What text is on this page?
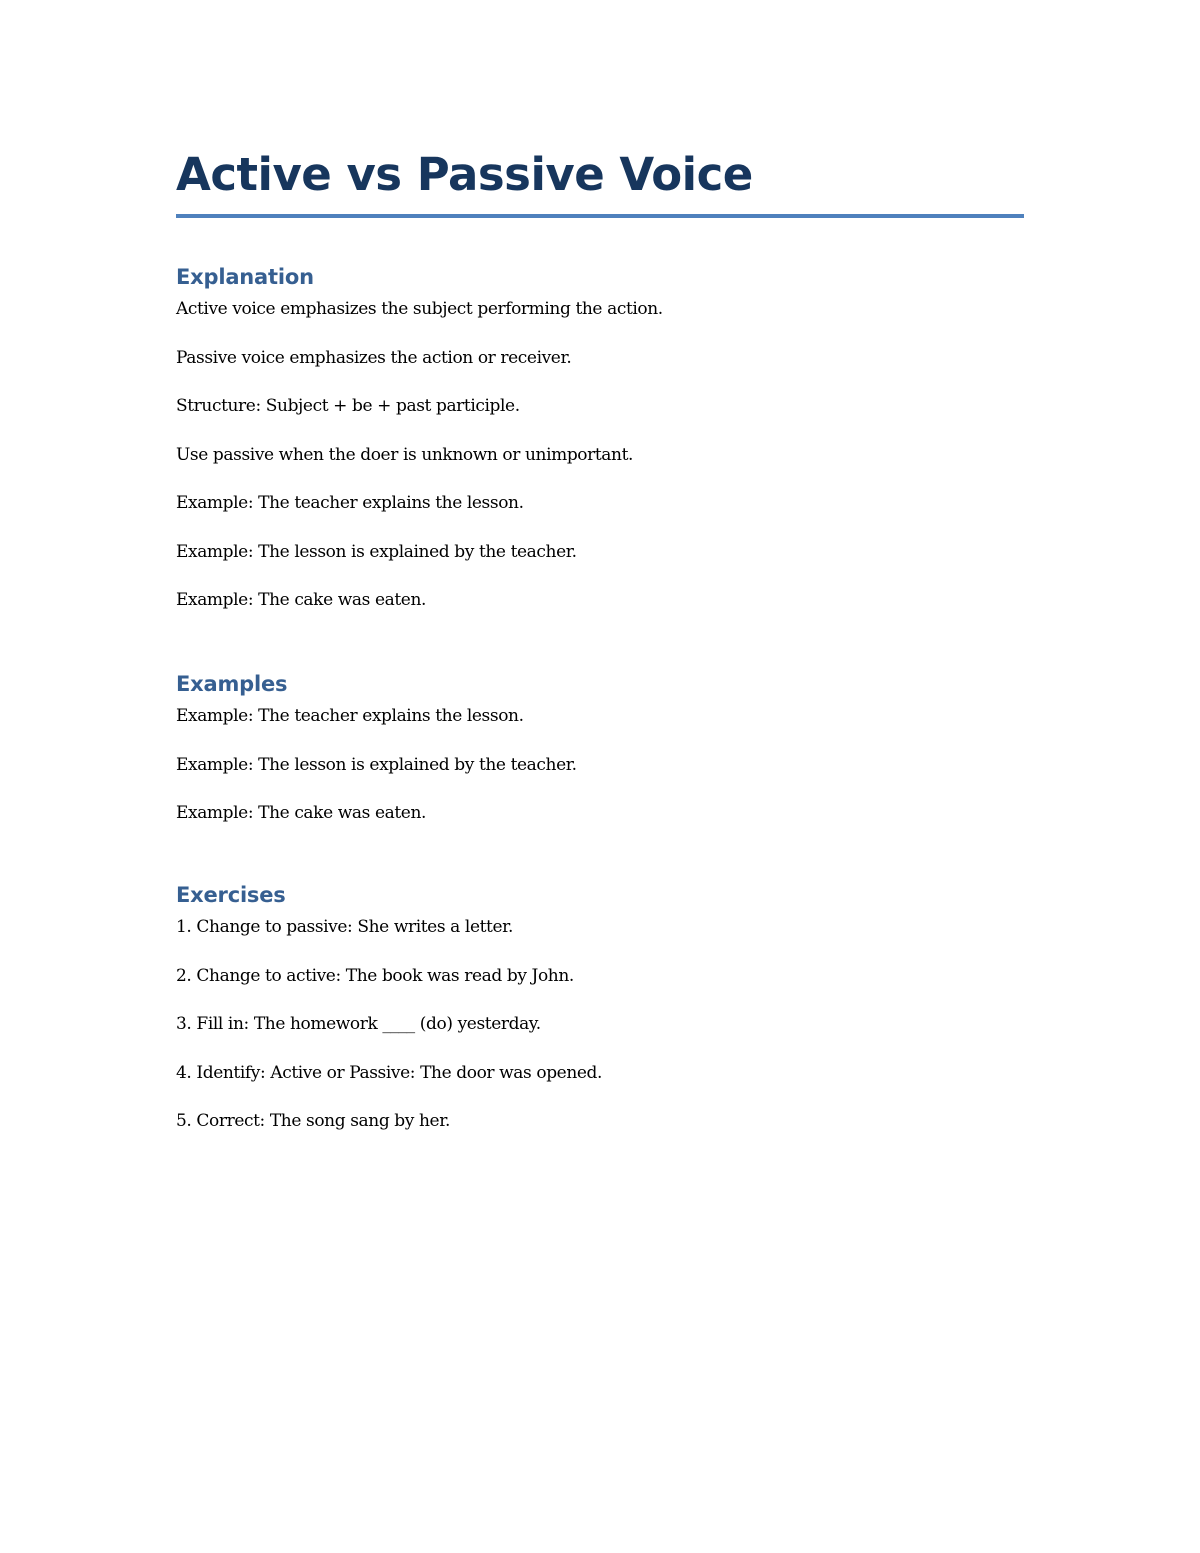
Active vs Passive Voice
Explanation

Active voice emphasizes the subject performing the action.

Passive voice emphasizes the action or receiver.

Structure: Subject + be + past participle.

Use passive when the doer is unknown or unimportant.

Example: The teacher explains the lesson.

Example: The lesson is explained by the teacher.

Example: The cake was eaten.

Examples

Example: The teacher explains the lesson.

Example: The lesson is explained by the teacher.

Example: The cake was eaten.

Exercises

1. Change to passive: She writes a letter.

2. Change to active: The book was read by John.

3. Fill in: The homework ____ (do) yesterday.

4. Identify: Active or Passive: The door was opened.

5. Correct: The song sang by her.
